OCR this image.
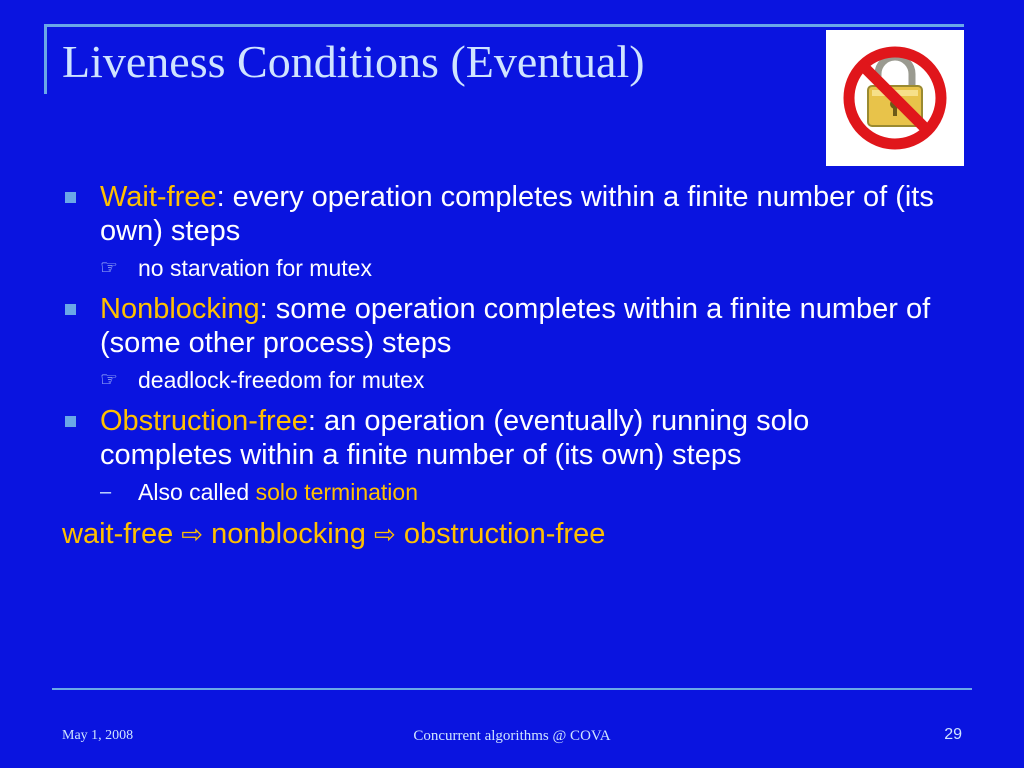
Liveness Conditions (Eventual)
Wait-free: every operation completes within a finite number of (its own) steps
☞ no starvation for mutex
Nonblocking: some operation completes within a finite number of (some other process) steps
☞ deadlock-freedom for mutex
Obstruction-free: an operation (eventually) running solo completes within a finite number of (its own) steps
–	Also called solo termination
wait-free ⇨ nonblocking ⇨ obstruction-free
May 1, 2008	Concurrent algorithms @ COVA	29
